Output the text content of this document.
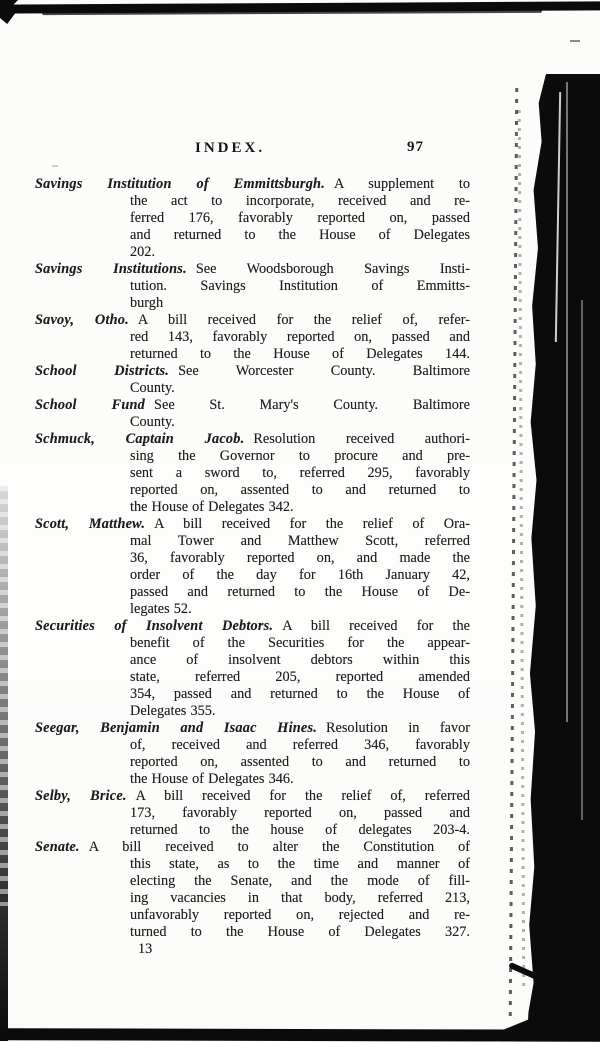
INDEX.	97
Savings Institution of Emmittsburgh. A supplement to
the act to incorporate, received and re-
ferred 176, favorably reported on, passed
and returned to the House of Delegates
202.
Savings Institutions. See Woodsborough Savings Insti-
tution. Savings Institution of Emmitts-
burgh
Savoy, Otho. A bill received for the relief of, refer-
red 143, favorably reported on, passed and
returned to the House of Delegates 144.
School Districts. See Worcester County. Baltimore
County.
School Fund See St. Mary's County. Baltimore
County.
Schmuck, Captain Jacob. Resolution received authori-
sing the Governor to procure and pre-
sent a sword to, referred 295, favorably
reported on, assented to and returned to
the House of Delegates 342.
Scott, Matthew. A bill received for the relief of Ora-
mal Tower and Matthew Scott, referred
36, favorably reported on, and made the
order of the day for 16th January 42,
passed and returned to the House of De-
legates 52.
Securities of Insolvent Debtors. A bill received for the
benefit of the Securities for the appear-
ance of insolvent debtors within this
state, referred 205, reported amended
354, passed and returned to the House of
Delegates 355.
Seegar, Benjamin and Isaac Hines. Resolution in favor
of, received and referred 346, favorably
reported on, assented to and returned to
the House of Delegates 346.
Selby, Brice. A bill received for the relief of, referred
173, favorably reported on, passed and
returned to the house of delegates 203-4.
Senate. A bill received to alter the Constitution of
this state, as to the time and manner of
electing the Senate, and the mode of fill-
ing vacancies in that body, referred 213,
unfavorably reported on, rejected and re-
turned to the House of Delegates 327.
13
